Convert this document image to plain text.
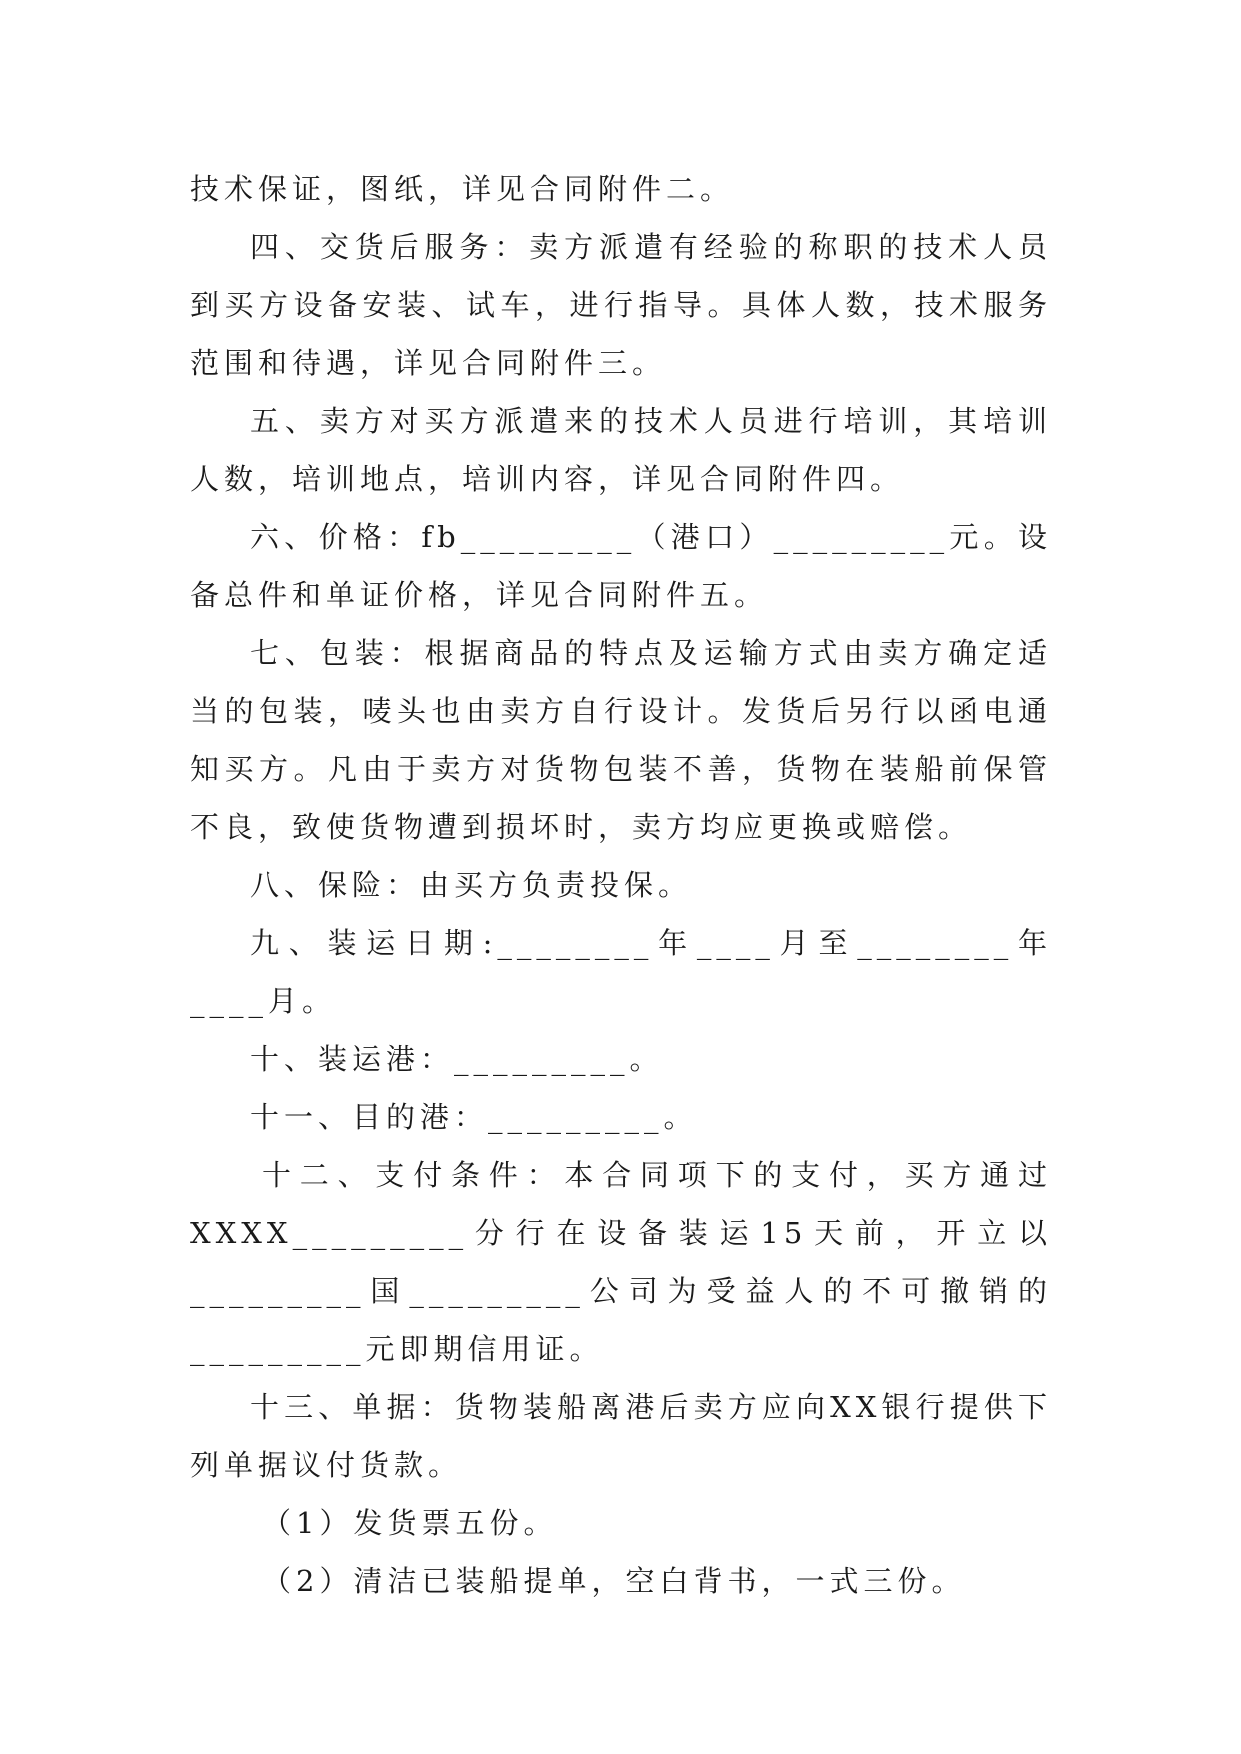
技术保证，图纸，详见合同附件二。

四、交货后服务：卖方派遣有经验的称职的技术人员到买方设备安装、试车，进行指导。具体人数，技术服务范围和待遇，详见合同附件三。

五、卖方对买方派遣来的技术人员进行培训，其培训人数，培训地点，培训内容，详见合同附件四。

六、价格：fb_________（港口）_________元。设备总件和单证价格，详见合同附件五。

七、包装：根据商品的特点及运输方式由卖方确定适当的包装，唛头也由卖方自行设计。发货后另行以函电通知买方。凡由于卖方对货物包装不善，货物在装船前保管不良，致使货物遭到损坏时，卖方均应更换或赔偿。

八、保险：由买方负责投保。

九、装运日期:________年____月至________年____月。

十、装运港：_________。

十一、目的港：_________。

十二、支付条件：本合同项下的支付，买方通过XXXX_________分行在设备装运15天前，开立以_________国_________公司为受益人的不可撤销的_________元即期信用证。

十三、单据：货物装船离港后卖方应向XX银行提供下列单据议付货款。

（1）发货票五份。

（2）清洁已装船提单，空白背书，一式三份。
